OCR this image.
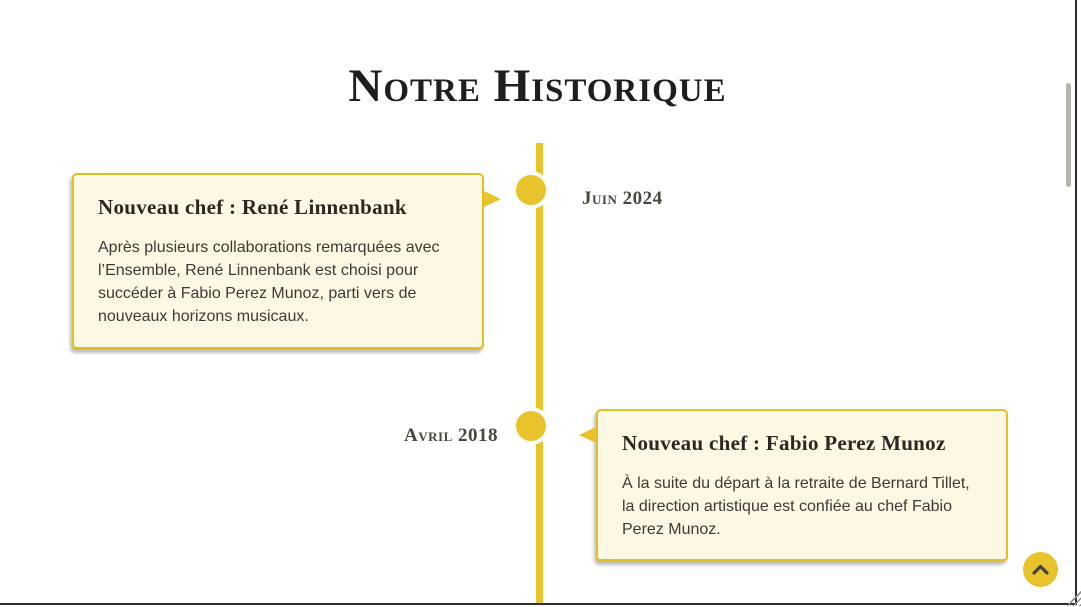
Notre Historique
Nouveau chef : René Linnenbank

Après plusieurs collaborations remarquées avec l’Ensemble, René Linnenbank est choisi pour succéder à Fabio Perez Munoz, parti vers de nouveaux horizons musicaux.

Juin 2024
Nouveau chef : Fabio Perez Munoz

À la suite du départ à la retraite de Bernard Tillet, la direction artistique est confiée au chef Fabio Perez Munoz.

Avril 2018
